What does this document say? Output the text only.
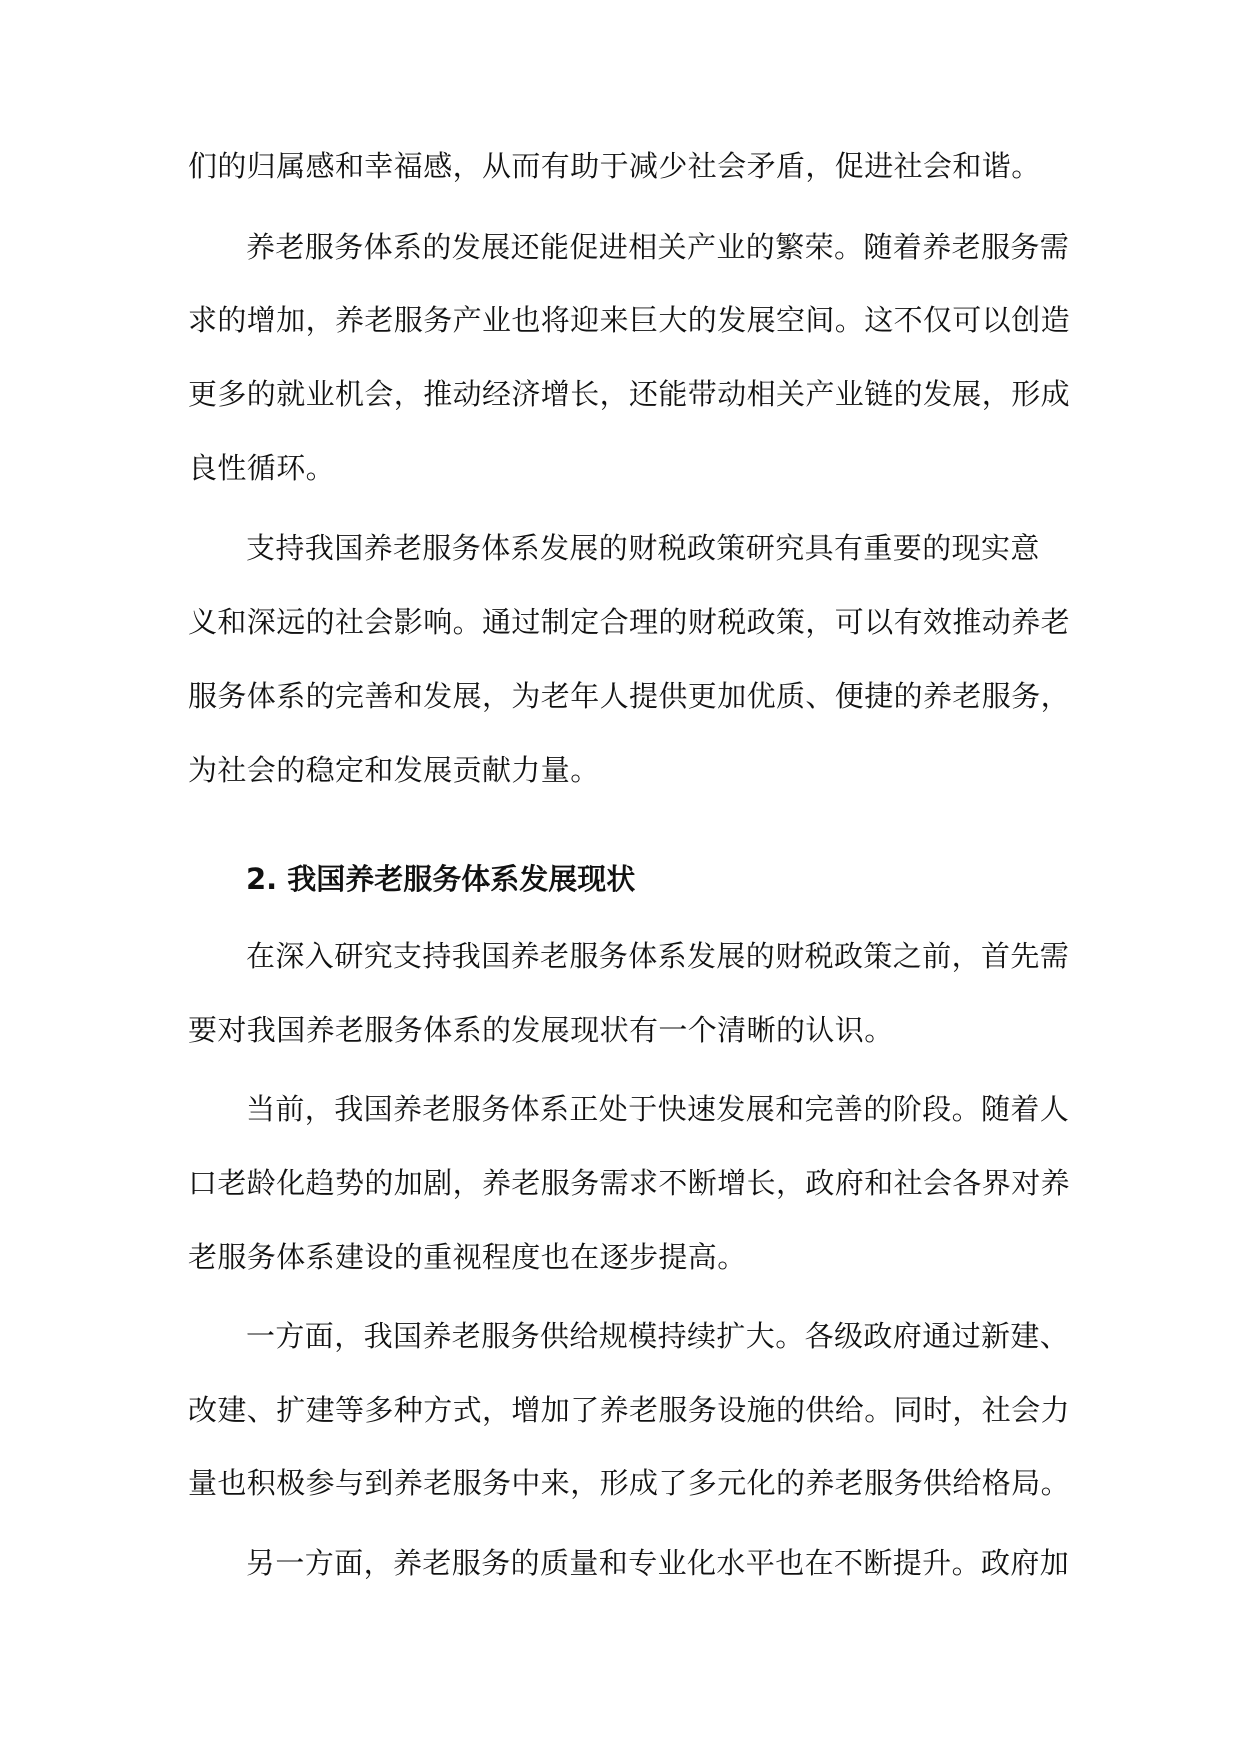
们的归属感和幸福感，从而有助于减少社会矛盾，促进社会和谐。
养老服务体系的发展还能促进相关产业的繁荣。随着养老服务需
求的增加，养老服务产业也将迎来巨大的发展空间。这不仅可以创造
更多的就业机会，推动经济增长，还能带动相关产业链的发展，形成
良性循环。
支持我国养老服务体系发展的财税政策研究具有重要的现实意
义和深远的社会影响。通过制定合理的财税政策，可以有效推动养老
服务体系的完善和发展，为老年人提供更加优质、便捷的养老服务，
为社会的稳定和发展贡献力量。
2. 我国养老服务体系发展现状
在深入研究支持我国养老服务体系发展的财税政策之前，首先需
要对我国养老服务体系的发展现状有一个清晰的认识。
当前，我国养老服务体系正处于快速发展和完善的阶段。随着人
口老龄化趋势的加剧，养老服务需求不断增长，政府和社会各界对养
老服务体系建设的重视程度也在逐步提高。
一方面，我国养老服务供给规模持续扩大。各级政府通过新建、
改建、扩建等多种方式，增加了养老服务设施的供给。同时，社会力
量也积极参与到养老服务中来，形成了多元化的养老服务供给格局。
另一方面，养老服务的质量和专业化水平也在不断提升。政府加
